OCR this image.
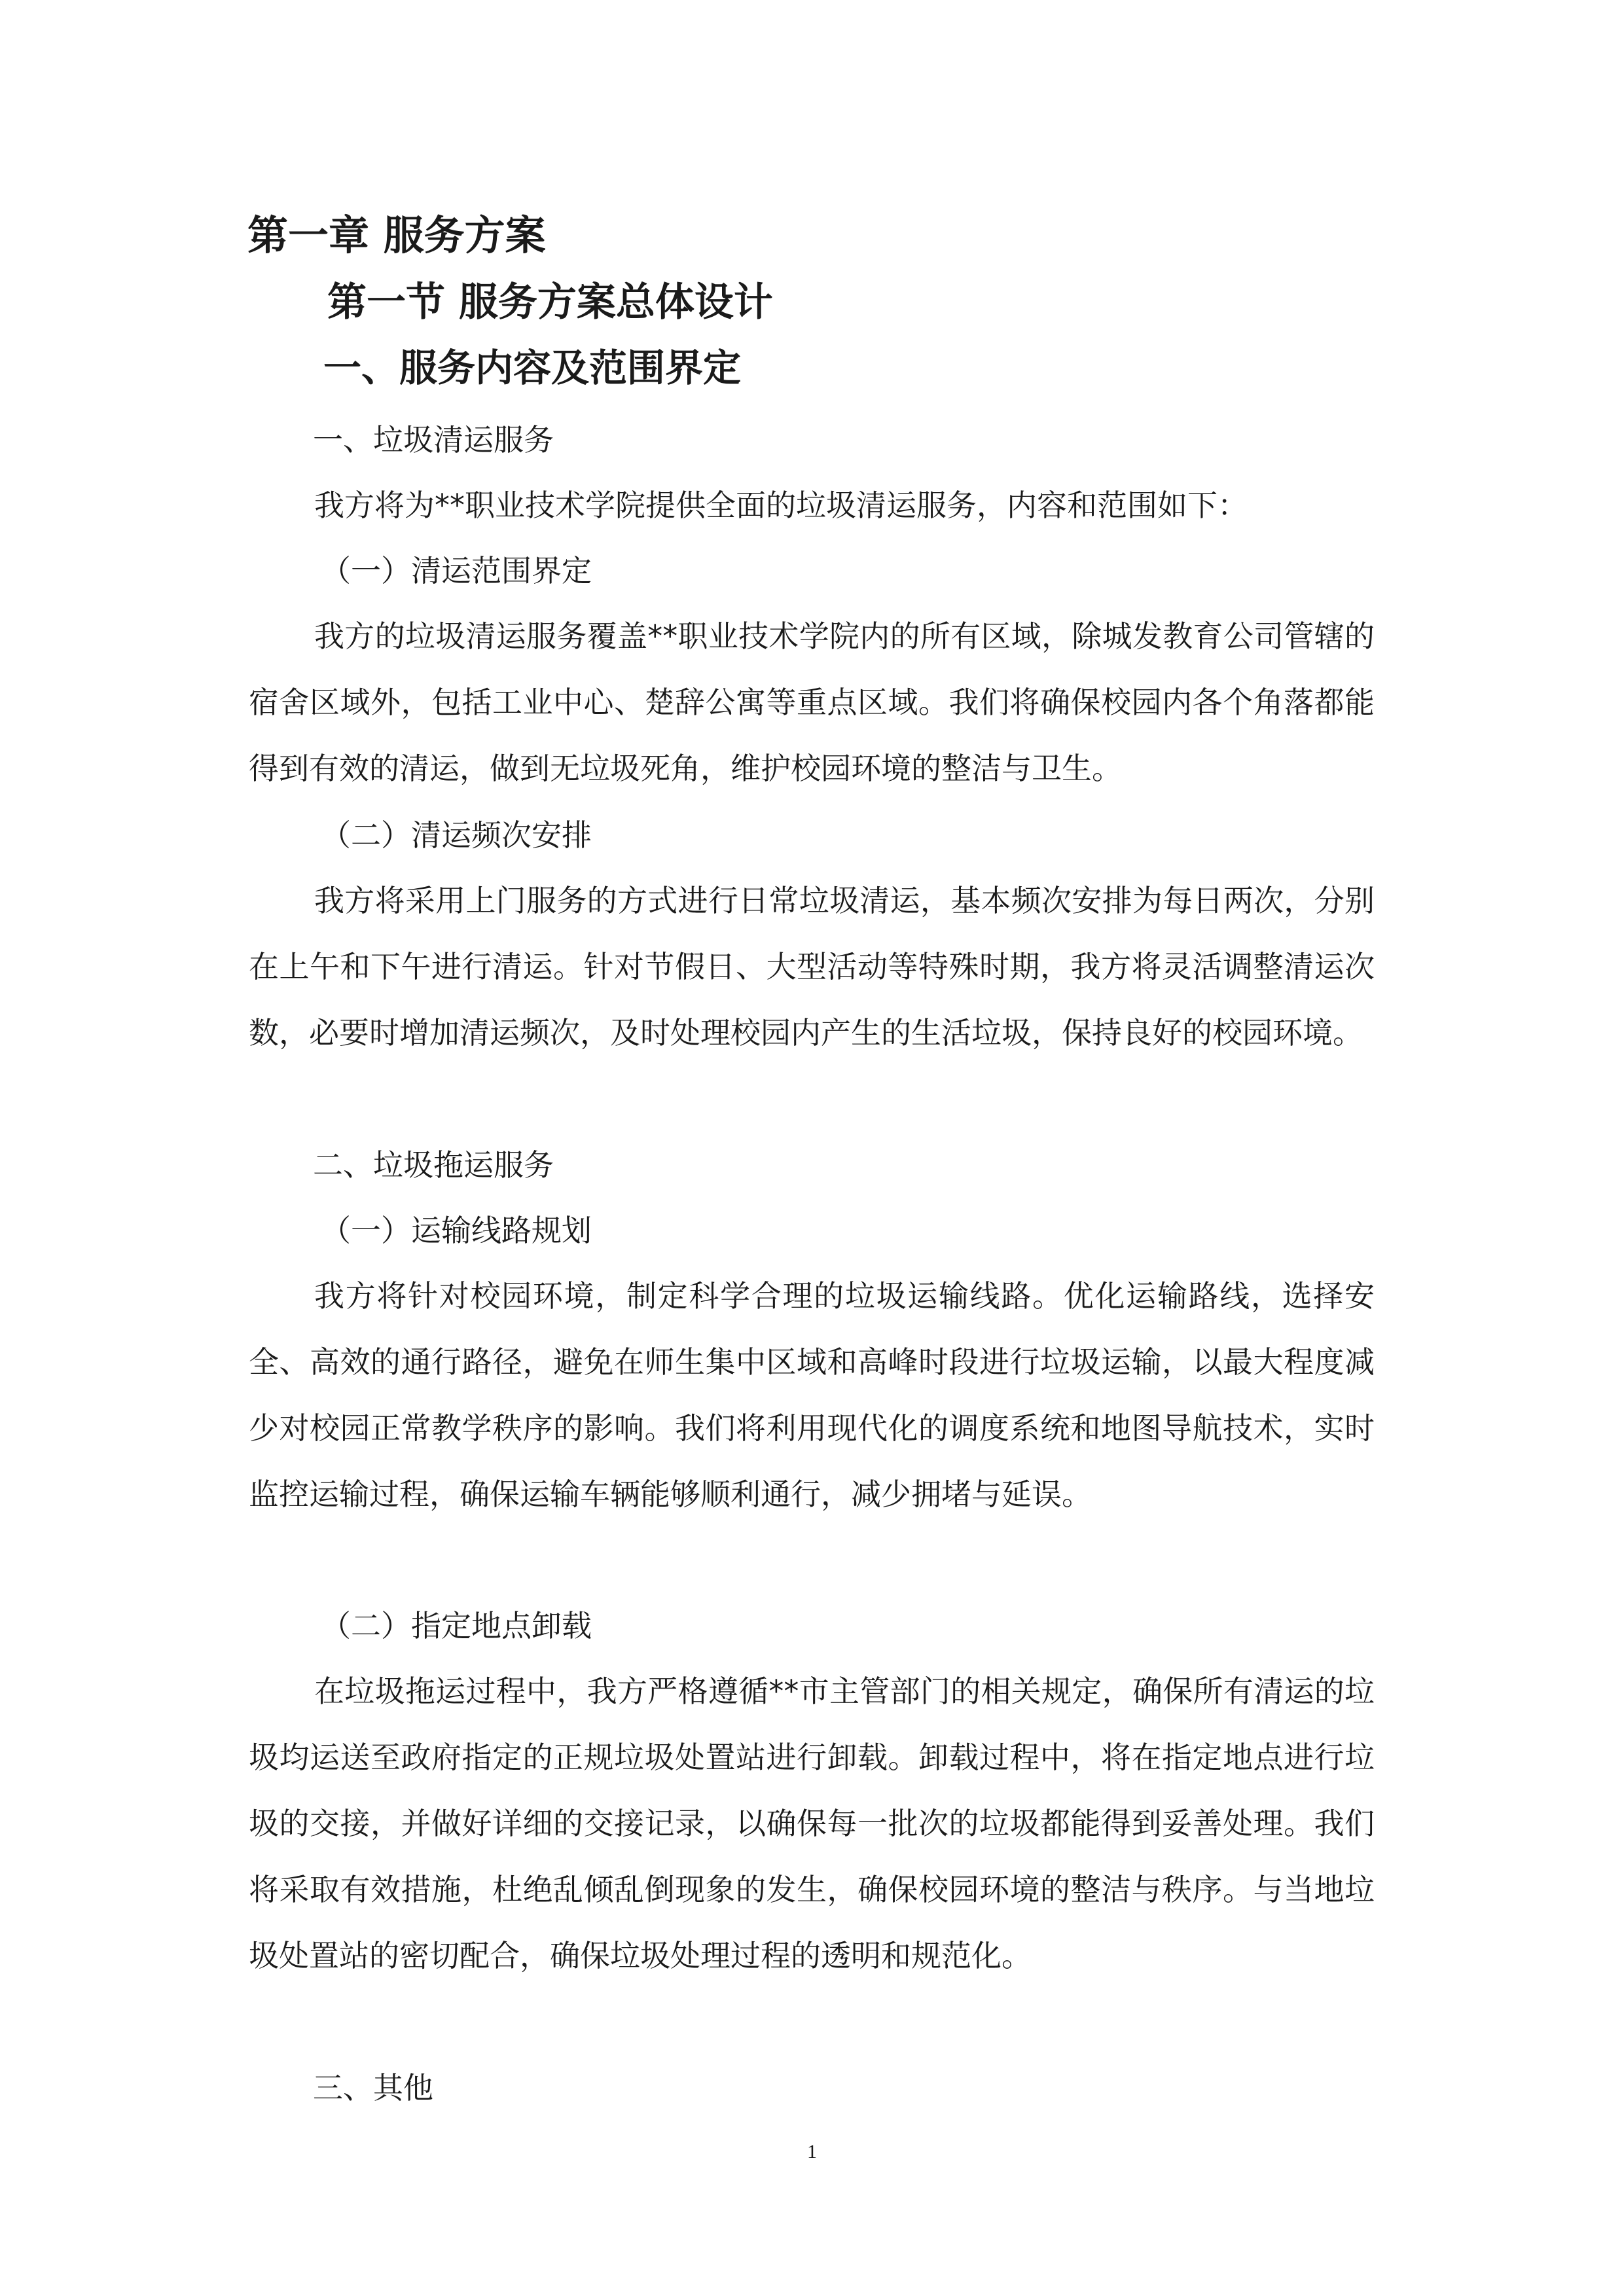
第一章 服务方案
第一节 服务方案总体设计
一、服务内容及范围界定

一、垃圾清运服务

我方将为**职业技术学院提供全面的垃圾清运服务，内容和范围如下：

（一）清运范围界定

我方的垃圾清运服务覆盖**职业技术学院内的所有区域，除城发教育公司管辖的宿舍区域外，包括工业中心、楚辞公寓等重点区域。我们将确保校园内各个角落都能得到有效的清运，做到无垃圾死角，维护校园环境的整洁与卫生。

（二）清运频次安排

我方将采用上门服务的方式进行日常垃圾清运，基本频次安排为每日两次，分别在上午和下午进行清运。针对节假日、大型活动等特殊时期，我方将灵活调整清运次数，必要时增加清运频次，及时处理校园内产生的生活垃圾，保持良好的校园环境。

二、垃圾拖运服务

（一）运输线路规划

我方将针对校园环境，制定科学合理的垃圾运输线路。优化运输路线，选择安全、高效的通行路径，避免在师生集中区域和高峰时段进行垃圾运输，以最大程度减少对校园正常教学秩序的影响。我们将利用现代化的调度系统和地图导航技术，实时监控运输过程，确保运输车辆能够顺利通行，减少拥堵与延误。

（二）指定地点卸载

在垃圾拖运过程中，我方严格遵循**市主管部门的相关规定，确保所有清运的垃圾均运送至政府指定的正规垃圾处置站进行卸载。卸载过程中，将在指定地点进行垃圾的交接，并做好详细的交接记录，以确保每一批次的垃圾都能得到妥善处理。我们将采取有效措施，杜绝乱倾乱倒现象的发生，确保校园环境的整洁与秩序。与当地垃圾处置站的密切配合，确保垃圾处理过程的透明和规范化。

三、其他

1
